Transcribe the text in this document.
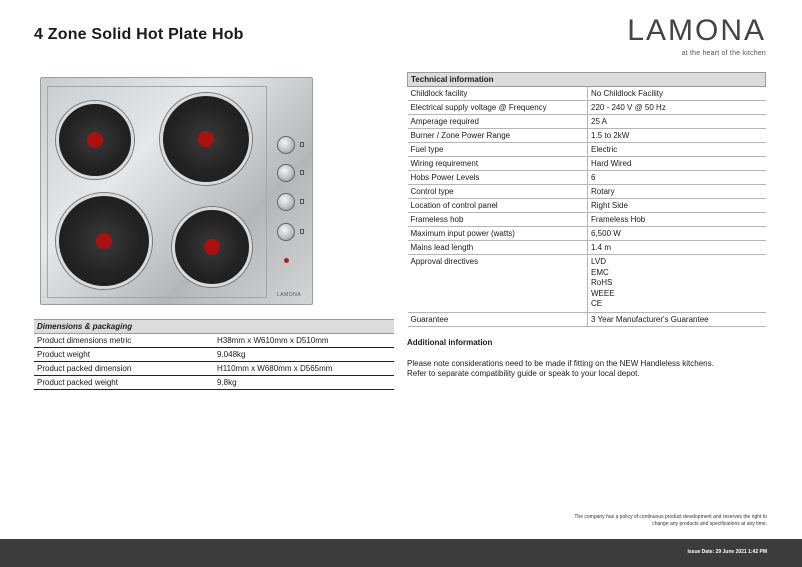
4 Zone Solid Hot Plate Hob	LAMONA
at the heart of the kitchen
LAMONA
Dimensions & packaging	
Product dimensions metric	H38mm x W610mm x D510mm
Product weight	9.048kg
Product packed dimension	H110mm x W680mm x D565mm
Product packed weight	9.8kg
Technical information	
Childlock facility	No Childlock Facility
Electrical supply voltage @ Frequency	220 - 240 V @ 50 Hz
Amperage required	25 A
Burner / Zone Power Range	1.5 to 2kW
Fuel type	Electric
Wiring requirement	Hard Wired
Hobs Power Levels	6
Control type	Rotary
Location of control panel	Right Side
Frameless hob	Frameless Hob
Maximum input power (watts)	6,500 W
Mains lead length	1.4 m
Approval directives	LVD
EMC
RoHS
WEEE
CE

Guarantee	3 Year Manufacturer's Guarantee
Additional information
Please note considerations need to be made if fitting on the NEW Handleless kitchens.
Refer to separate compatibility guide or speak to your local depot.
The company has a policy of continuous product development and reserves the right to
change any products and specifications at any time.
Issue Date: 29 June 2021 1:42 PM
